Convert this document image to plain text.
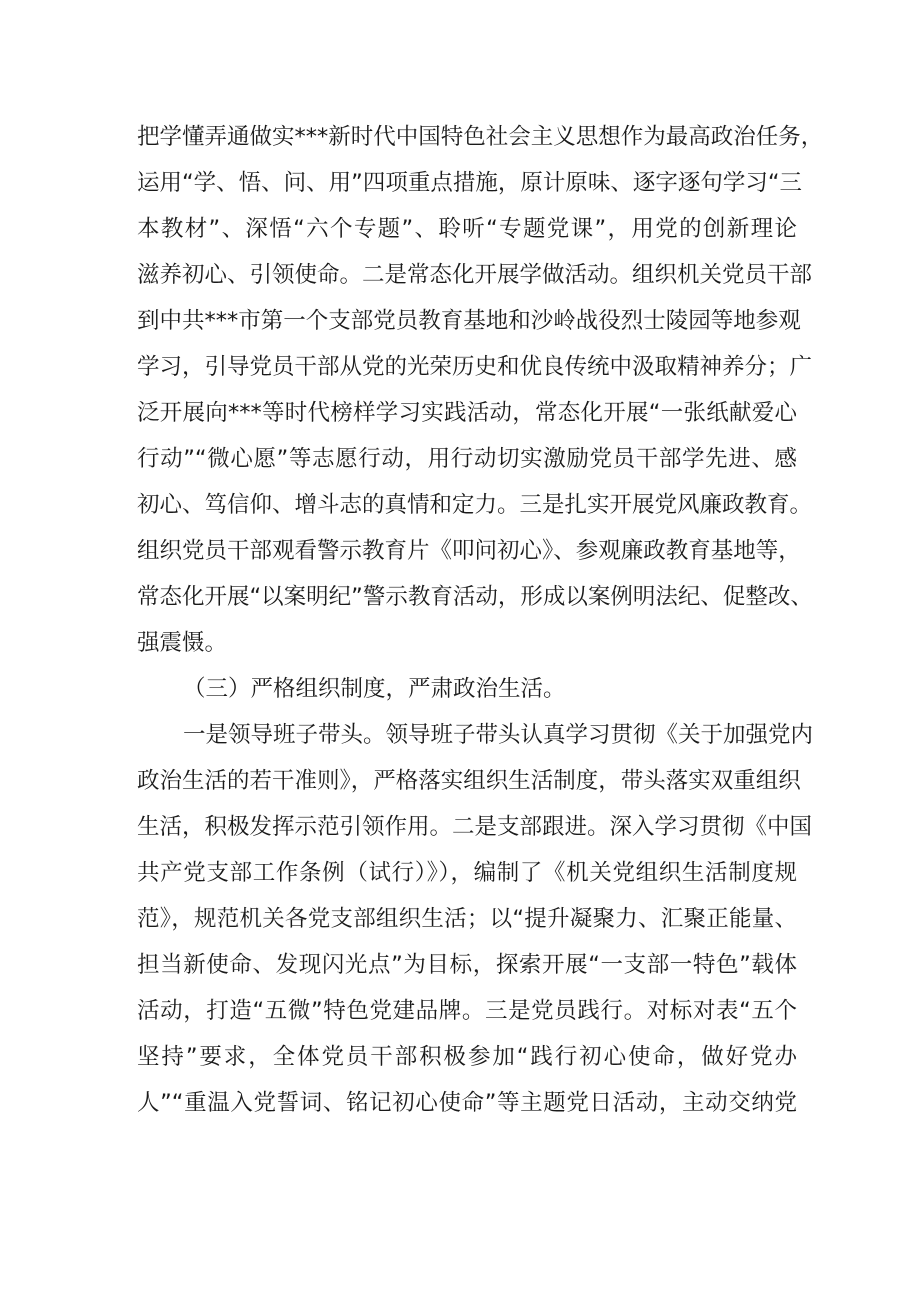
把学懂弄通做实***新时代中国特色社会主义思想作为最高政治任务，
运用“学、悟、问、用”四项重点措施，原计原味、逐字逐句学习“三
本教材”、深悟“六个专题”、聆听“专题党课”，用党的创新理论
滋养初心、引领使命。二是常态化开展学做活动。组织机关党员干部
到中共***市第一个支部党员教育基地和沙岭战役烈士陵园等地参观
学习，引导党员干部从党的光荣历史和优良传统中汲取精神养分；广
泛开展向***等时代榜样学习实践活动，常态化开展“一张纸献爱心
行动”“微心愿”等志愿行动，用行动切实激励党员干部学先进、感
初心、笃信仰、增斗志的真情和定力。三是扎实开展党风廉政教育。
组织党员干部观看警示教育片《叩问初心》、参观廉政教育基地等，
常态化开展“以案明纪”警示教育活动，形成以案例明法纪、促整改、
强震慑。
（三）严格组织制度，严肃政治生活。
一是领导班子带头。领导班子带头认真学习贯彻《关于加强党内
政治生活的若干准则》，严格落实组织生活制度，带头落实双重组织
生活，积极发挥示范引领作用。二是支部跟进。深入学习贯彻《中国
共产党支部工作条例（试行）》），编制了《机关党组织生活制度规
范》，规范机关各党支部组织生活；以“提升凝聚力、汇聚正能量、
担当新使命、发现闪光点”为目标，探索开展“一支部一特色”载体
活动，打造“五微”特色党建品牌。三是党员践行。对标对表“五个
坚持”要求，全体党员干部积极参加“践行初心使命，做好党办
人”“重温入党誓词、铭记初心使命”等主题党日活动，主动交纳党
